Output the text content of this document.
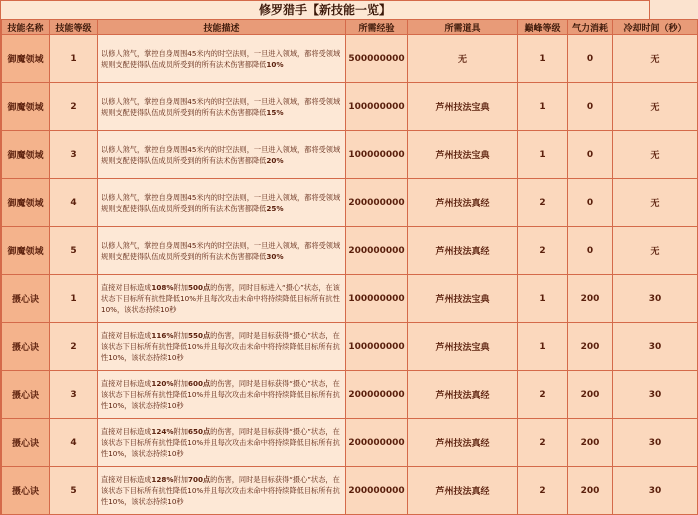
修罗猎手【新技能一览】
技能名称	技能等级	技能描述	所需经验	所需道具	巅峰等级	气力消耗	冷却时间（秒）
御魔领域	1	以修人煞气，掌控自身周围45米内的时空法则，一旦进入领域，都将受领域规则支配使得队伍成员所受到的所有法术伤害都降低10%	500000000	无	1	0	无
御魔领域	2	以修人煞气，掌控自身周围45米内的时空法则，一旦进入领域，都将受领域规则支配使得队伍成员所受到的所有法术伤害都降低15%	100000000	芦州技法宝典	1	0	无
御魔领域	3	以修人煞气，掌控自身周围45米内的时空法则，一旦进入领域，都将受领域规则支配使得队伍成员所受到的所有法术伤害都降低20%	100000000	芦州技法宝典	1	0	无
御魔领域	4	以修人煞气，掌控自身周围45米内的时空法则，一旦进入领域，都将受领域规则支配使得队伍成员所受到的所有法术伤害都降低25%	200000000	芦州技法真经	2	0	无
御魔领域	5	以修人煞气，掌控自身周围45米内的时空法则，一旦进入领域，都将受领域规则支配使得队伍成员所受到的所有法术伤害都降低30%	200000000	芦州技法真经	2	0	无
摄心诀	1	直接对目标造成108%附加500点的伤害，同时目标进入“摄心”状态，在该状态下目标所有抗性降低10%并且每次攻击未命中将持续降低目标所有抗性10%，该状态持续10秒	100000000	芦州技法宝典	1	200	30
摄心诀	2	直接对目标造成116%附加550点的伤害，同时是目标获得“摄心”状态，在该状态下目标所有抗性降低10%并且每次攻击未命中将持续降低目标所有抗性10%，该状态持续10秒	100000000	芦州技法宝典	1	200	30
摄心诀	3	直接对目标造成120%附加600点的伤害，同时是目标获得“摄心”状态，在该状态下目标所有抗性降低10%并且每次攻击未命中将持续降低目标所有抗性10%，该状态持续10秒	200000000	芦州技法真经	2	200	30
摄心诀	4	直接对目标造成124%附加650点的伤害，同时是目标获得“摄心”状态，在该状态下目标所有抗性降低10%并且每次攻击未命中将持续降低目标所有抗性10%，该状态持续10秒	200000000	芦州技法真经	2	200	30
摄心诀	5	直接对目标造成128%附加700点的伤害，同时是目标获得“摄心”状态，在该状态下目标所有抗性降低10%并且每次攻击未命中将持续降低目标所有抗性10%，该状态持续10秒	200000000	芦州技法真经	2	200	30
